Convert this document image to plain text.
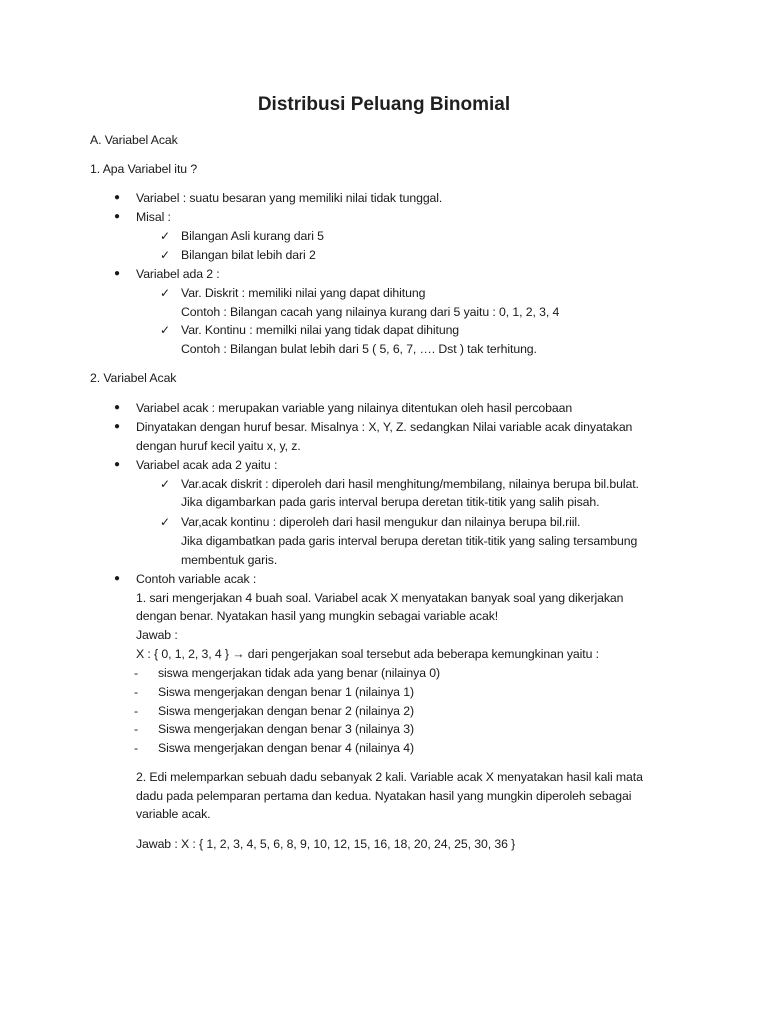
Distribusi Peluang Binomial
A. Variabel Acak
1. Apa Variabel itu ?
● Variabel : suatu besaran yang memiliki nilai tidak tunggal.
● Misal :
✓ Bilangan Asli kurang dari 5
✓ Bilangan bilat lebih dari 2
● Variabel ada 2 :
✓ Var. Diskrit : memiliki nilai yang dapat dihitung
Contoh : Bilangan cacah yang nilainya kurang dari 5 yaitu : 0, 1, 2, 3, 4
✓ Var. Kontinu : memilki nilai yang tidak dapat dihitung
Contoh : Bilangan bulat lebih dari 5 ( 5, 6, 7, …. Dst ) tak terhitung.
2. Variabel Acak
● Variabel acak : merupakan variable yang nilainya ditentukan oleh hasil percobaan
● Dinyatakan dengan huruf besar. Misalnya : X, Y, Z. sedangkan Nilai variable acak dinyatakan
dengan huruf kecil yaitu x, y, z.
● Variabel acak ada 2 yaitu :
✓ Var.acak diskrit : diperoleh dari hasil menghitung/membilang, nilainya berupa bil.bulat.
Jika digambarkan pada garis interval berupa deretan titik-titik yang salih pisah.
✓ Var,acak kontinu : diperoleh dari hasil mengukur dan nilainya berupa bil.riil.
Jika digambatkan pada garis interval berupa deretan titik-titik yang saling tersambung
membentuk garis.
● Contoh variable acak :
1. sari mengerjakan 4 buah soal. Variabel acak X menyatakan banyak soal yang dikerjakan
dengan benar. Nyatakan hasil yang mungkin sebagai variable acak!
Jawab :
X : { 0, 1, 2, 3, 4 } → dari pengerjakan soal tersebut ada beberapa kemungkinan yaitu :
- siswa mengerjakan tidak ada yang benar (nilainya 0)
- Siswa mengerjakan dengan benar 1 (nilainya 1)
- Siswa mengerjakan dengan benar 2 (nilainya 2)
- Siswa mengerjakan dengan benar 3 (nilainya 3)
- Siswa mengerjakan dengan benar 4 (nilainya 4)
2. Edi melemparkan sebuah dadu sebanyak 2 kali. Variable acak X menyatakan hasil kali mata
dadu pada pelemparan pertama dan kedua. Nyatakan hasil yang mungkin diperoleh sebagai
variable acak.
Jawab : X : { 1, 2, 3, 4, 5, 6, 8, 9, 10, 12, 15, 16, 18, 20, 24, 25, 30, 36 }
